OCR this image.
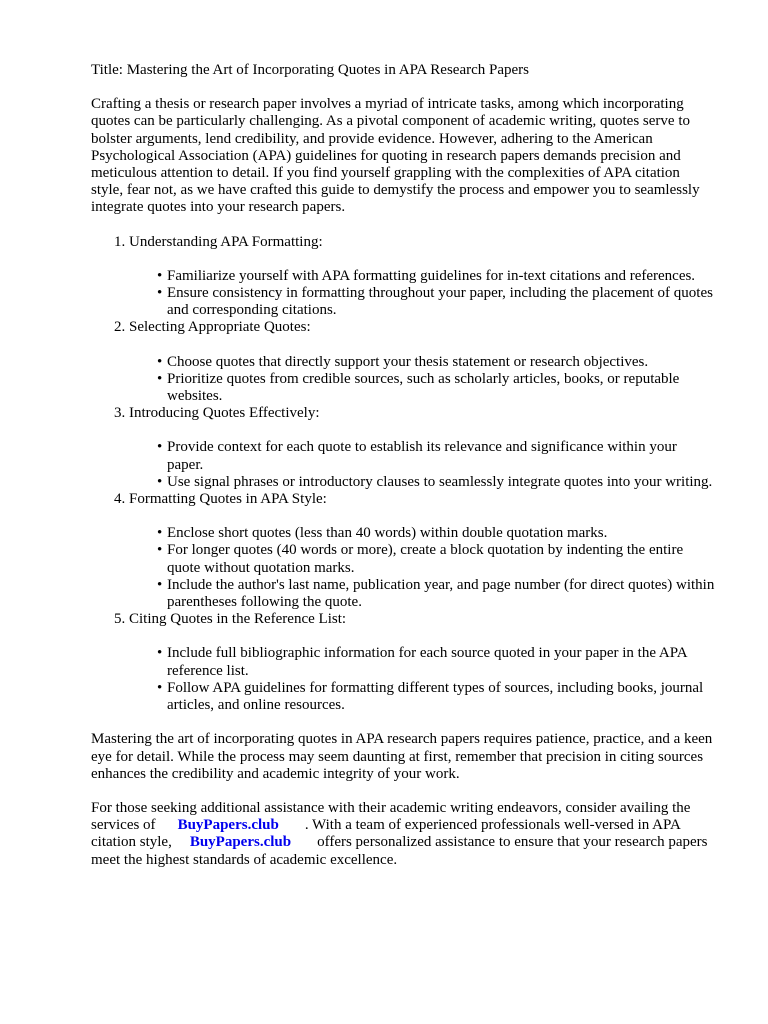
Title: Mastering the Art of Incorporating Quotes in APA Research Papers

Crafting a thesis or research paper involves a myriad of intricate tasks, among which incorporating quotes can be particularly challenging. As a pivotal component of academic writing, quotes serve to bolster arguments, lend credibility, and provide evidence. However, adhering to the American Psychological Association (APA) guidelines for quoting in research papers demands precision and meticulous attention to detail. If you find yourself grappling with the complexities of APA citation style, fear not, as we have crafted this guide to demystify the process and empower you to seamlessly integrate quotes into your research papers.

1. Understanding APA Formatting:
• Familiarize yourself with APA formatting guidelines for in-text citations and references.
• Ensure consistency in formatting throughout your paper, including the placement of quotes and corresponding citations.
2. Selecting Appropriate Quotes:
• Choose quotes that directly support your thesis statement or research objectives.
• Prioritize quotes from credible sources, such as scholarly articles, books, or reputable websites.
3. Introducing Quotes Effectively:
• Provide context for each quote to establish its relevance and significance within your paper.
• Use signal phrases or introductory clauses to seamlessly integrate quotes into your writing.
4. Formatting Quotes in APA Style:
• Enclose short quotes (less than 40 words) within double quotation marks.
• For longer quotes (40 words or more), create a block quotation by indenting the entire quote without quotation marks.
• Include the author's last name, publication year, and page number (for direct quotes) within parentheses following the quote.
5. Citing Quotes in the Reference List:
• Include full bibliographic information for each source quoted in your paper in the APA reference list.
• Follow APA guidelines for formatting different types of sources, including books, journal articles, and online resources.

Mastering the art of incorporating quotes in APA research papers requires patience, practice, and a keen eye for detail. While the process may seem daunting at first, remember that precision in citing sources enhances the credibility and academic integrity of your work.

For those seeking additional assistance with their academic writing endeavors, consider availing the services of BuyPapers.club . With a team of experienced professionals well-versed in APA citation style, BuyPapers.club offers personalized assistance to ensure that your research papers meet the highest standards of academic excellence.
